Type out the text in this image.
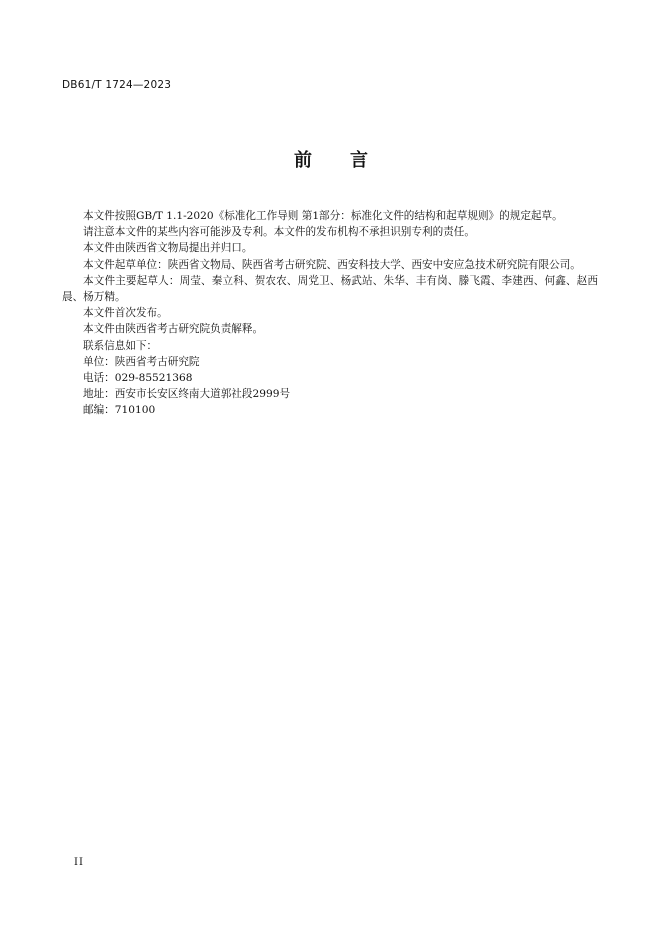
DB61/T 1724—2023
前 言

本文件按照GB/T 1.1-2020《标准化工作导则 第1部分：标准化文件的结构和起草规则》的规定起草。

请注意本文件的某些内容可能涉及专利。本文件的发布机构不承担识别专利的责任。

本文件由陕西省文物局提出并归口。

本文件起草单位：陕西省文物局、陕西省考古研究院、西安科技大学、西安中安应急技术研究院有限公司。

本文件主要起草人：周莹、秦立科、贺农农、周党卫、杨武站、朱华、丰有岗、滕飞霞、李建西、何鑫、赵西晨、杨万精。

本文件首次发布。

本文件由陕西省考古研究院负责解释。

联系信息如下：

单位：陕西省考古研究院

电话：029-85521368

地址：西安市长安区终南大道郭社段2999号

邮编：710100

II
